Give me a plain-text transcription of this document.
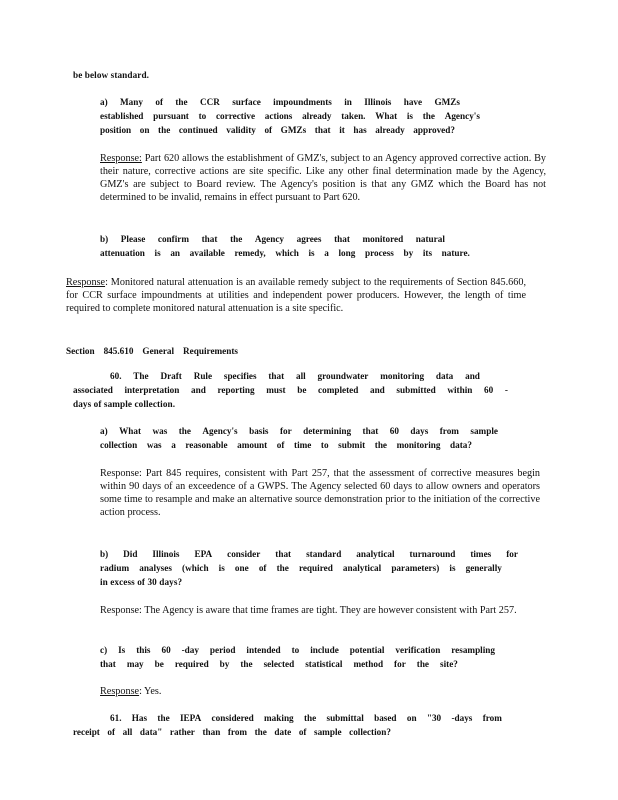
be below standard.
a) Many of the CCR surface impoundments in Illinois have GMZs
established pursuant to corrective actions already taken. What is the Agency's
position on the continued validity of GMZs that it has already approved?
Response: Part 620 allows the establishment of GMZ's, subject to an Agency approved corrective action. By their nature, corrective actions are site specific. Like any other final determination made by the Agency, GMZ's are subject to Board review. The Agency's position is that any GMZ which the Board has not determined to be invalid, remains in effect pursuant to Part 620.
b) Please confirm that the Agency agrees that monitored natural
attenuation is an available remedy, which is a long process by its nature.
Response: Monitored natural attenuation is an available remedy subject to the requirements of Section 845.660, for CCR surface impoundments at utilities and independent power producers. However, the length of time required to complete monitored natural attenuation is a site specific.
Section 845.610 General Requirements
60. The Draft Rule specifies that all groundwater monitoring data and
associated interpretation and reporting must be completed and submitted within 60 -
days of sample collection.
a) What was the Agency's basis for determining that 60 days from sample
collection was a reasonable amount of time to submit the monitoring data?
Response: Part 845 requires, consistent with Part 257, that the assessment of corrective measures begin within 90 days of an exceedence of a GWPS. The Agency selected 60 days to allow owners and operators some time to resample and make an alternative source demonstration prior to the initiation of the corrective action process.
b) Did Illinois EPA consider that standard analytical turnaround times for
radium analyses (which is one of the required analytical parameters) is generally
in excess of 30 days?
Response: The Agency is aware that time frames are tight. They are however consistent with Part 257.
c) Is this 60 -day period intended to include potential verification resampling
that may be required by the selected statistical method for the site?
Response: Yes.
61. Has the IEPA considered making the submittal based on "30 -days from
receipt of all data" rather than from the date of sample collection?
